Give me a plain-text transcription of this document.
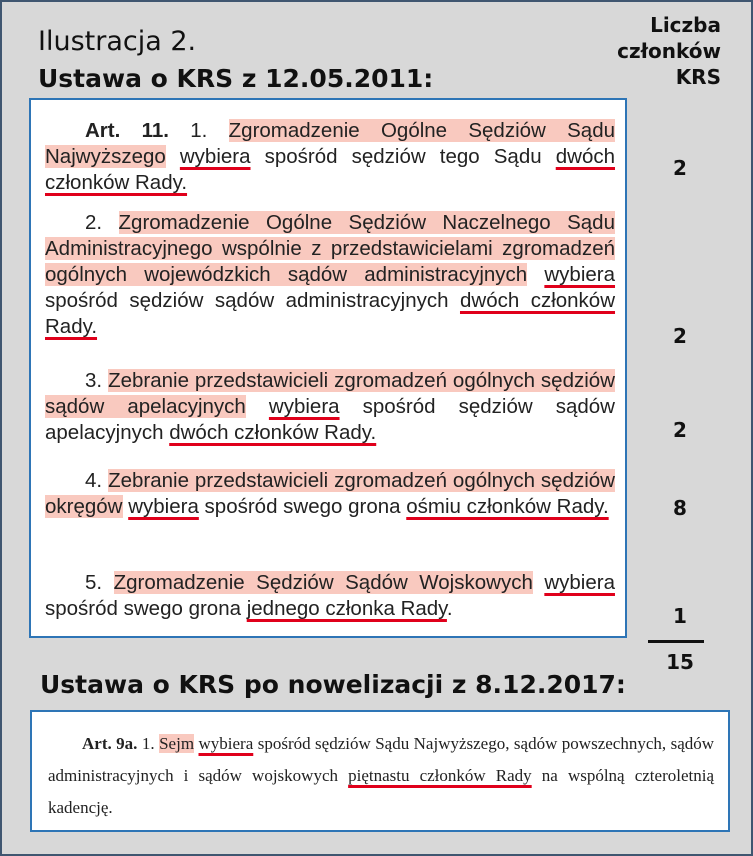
Ilustracja 2.
Ustawa o KRS z 12.05.2011:
Liczba
członków
KRS
Art. 11. 1. Zgromadzenie Ogólne Sędziów Sądu Najwyższego wybiera spośród sędziów tego Sądu dwóch członków Rady.
2. Zgromadzenie Ogólne Sędziów Naczelnego Sądu Administracyjnego wspólnie z przedstawicielami zgromadzeń ogólnych wojewódzkich sądów administracyjnych wybiera spośród sędziów sądów administracyjnych dwóch członków Rady.
3. Zebranie przedstawicieli zgromadzeń ogólnych sędziów sądów apelacyjnych wybiera spośród sędziów sądów apelacyjnych dwóch członków Rady.
4. Zebranie przedstawicieli zgromadzeń ogólnych sędziów okręgów wybiera spośród swego grona ośmiu członków Rady.
5. Zgromadzenie Sędziów Sądów Wojskowych wybiera spośród swego grona jednego członka Rady.
2
2
2
8
1
15
Ustawa o KRS po nowelizacji z 8.12.2017:
Art. 9a. 1. Sejm wybiera spośród sędziów Sądu Najwyższego, sądów powszechnych, sądów administracyjnych i sądów wojskowych piętnastu członków Rady na wspólną czteroletnią kadencję.
